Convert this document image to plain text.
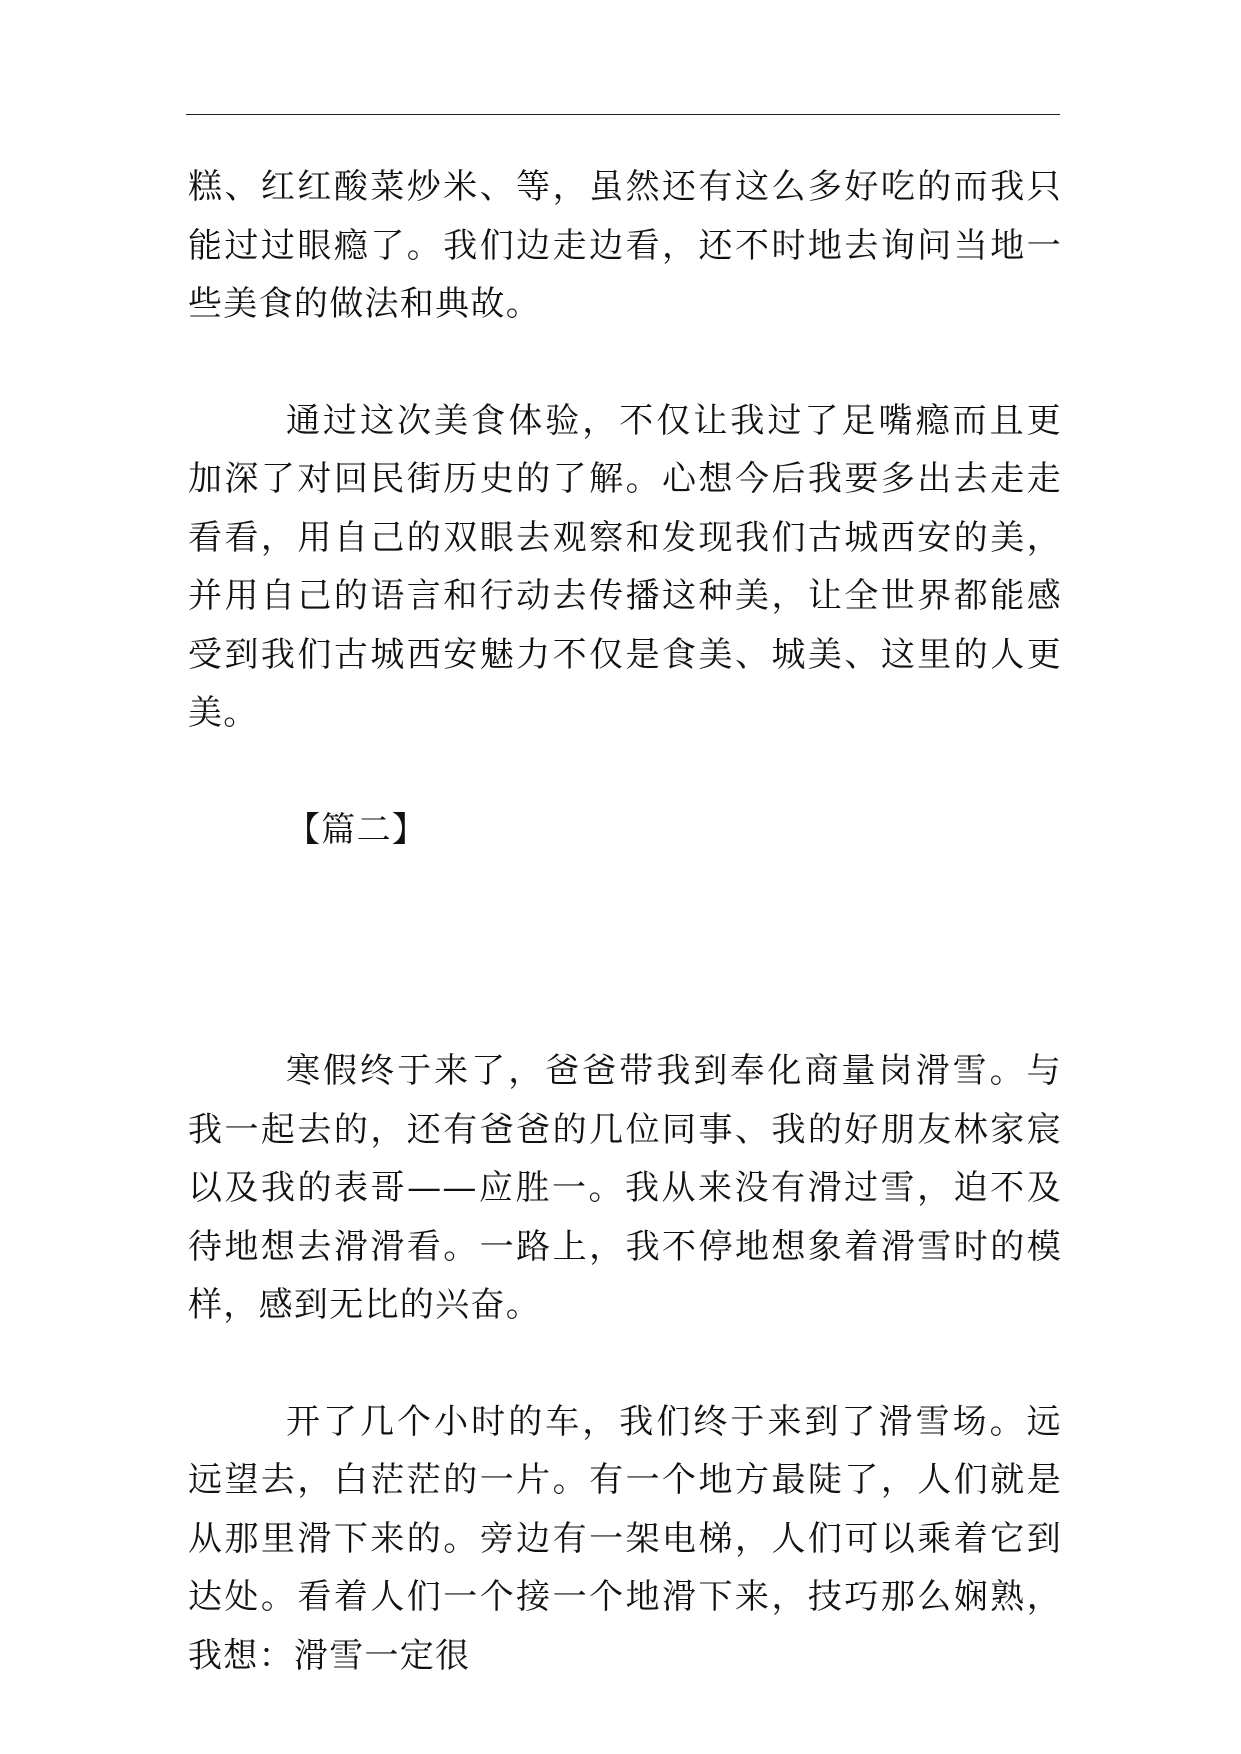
糕、红红酸菜炒米、等，虽然还有这么多好吃的而我只能过过眼瘾了。我们边走边看，还不时地去询问当地一些美食的做法和典故。

通过这次美食体验，不仅让我过了足嘴瘾而且更加深了对回民街历史的了解。心想今后我要多出去走走看看，用自己的双眼去观察和发现我们古城西安的美，并用自己的语言和行动去传播这种美，让全世界都能感受到我们古城西安魅力不仅是食美、城美、这里的人更美。

【篇二】

寒假终于来了，爸爸带我到奉化商量岗滑雪。与我一起去的，还有爸爸的几位同事、我的好朋友林家宸以及我的表哥——应胜一。我从来没有滑过雪，迫不及待地想去滑滑看。一路上，我不停地想象着滑雪时的模样，感到无比的兴奋。

开了几个小时的车，我们终于来到了滑雪场。远远望去，白茫茫的一片。有一个地方最陡了，人们就是从那里滑下来的。旁边有一架电梯，人们可以乘着它到达处。看着人们一个接一个地滑下来，技巧那么娴熟，我想：滑雪一定很
